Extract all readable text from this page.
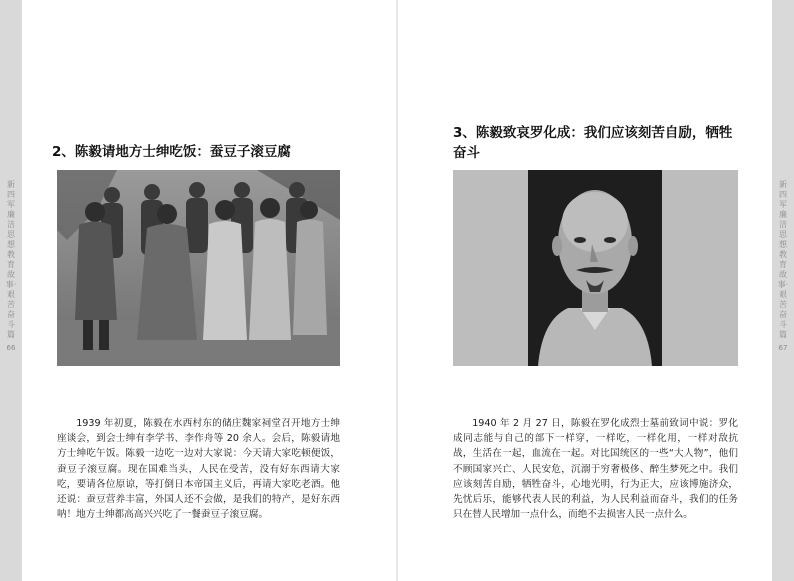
新四军廉洁思想教育故事·艰苦奋斗篇
66
新四军廉洁思想教育故事·艰苦奋斗篇
67
2、陈毅请地方士绅吃饭：蚕豆子滚豆腐
3、陈毅致哀罗化成：我们应该刻苦自励，牺牲奋斗

1939 年初夏，陈毅在水西村东的储庄魏家祠堂召开地方士绅座谈会，到会士绅有李学书、李作舟等 20 余人。会后，陈毅请地方士绅吃午饭。陈毅一边吃一边对大家说：今天请大家吃顿便饭，蚕豆子滚豆腐。现在国难当头，人民在受苦，没有好东西请大家吃，要请各位原谅，等打倒日本帝国主义后，再请大家吃老酒。他还说：蚕豆营养丰富，外国人还不会做，是我们的特产，是好东西呐！地方士绅都高高兴兴吃了一餐蚕豆子滚豆腐。

1940 年 2 月 27 日，陈毅在罗化成烈士墓前致词中说：罗化成同志能与自己的部下一样穿，一样吃，一样化用，一样对敌抗战，生活在一起，血流在一起。对比国统区的一些“大人物”，他们不顾国家兴亡、人民安危，沉溺于穷奢极侈、醉生梦死之中。我们应该刻苦自励，牺牲奋斗，心地光明，行为正大，应该博施济众，先忧后乐，能够代表人民的利益，为人民利益而奋斗，我们的任务只在替人民增加一点什么，而绝不去损害人民一点什么。
